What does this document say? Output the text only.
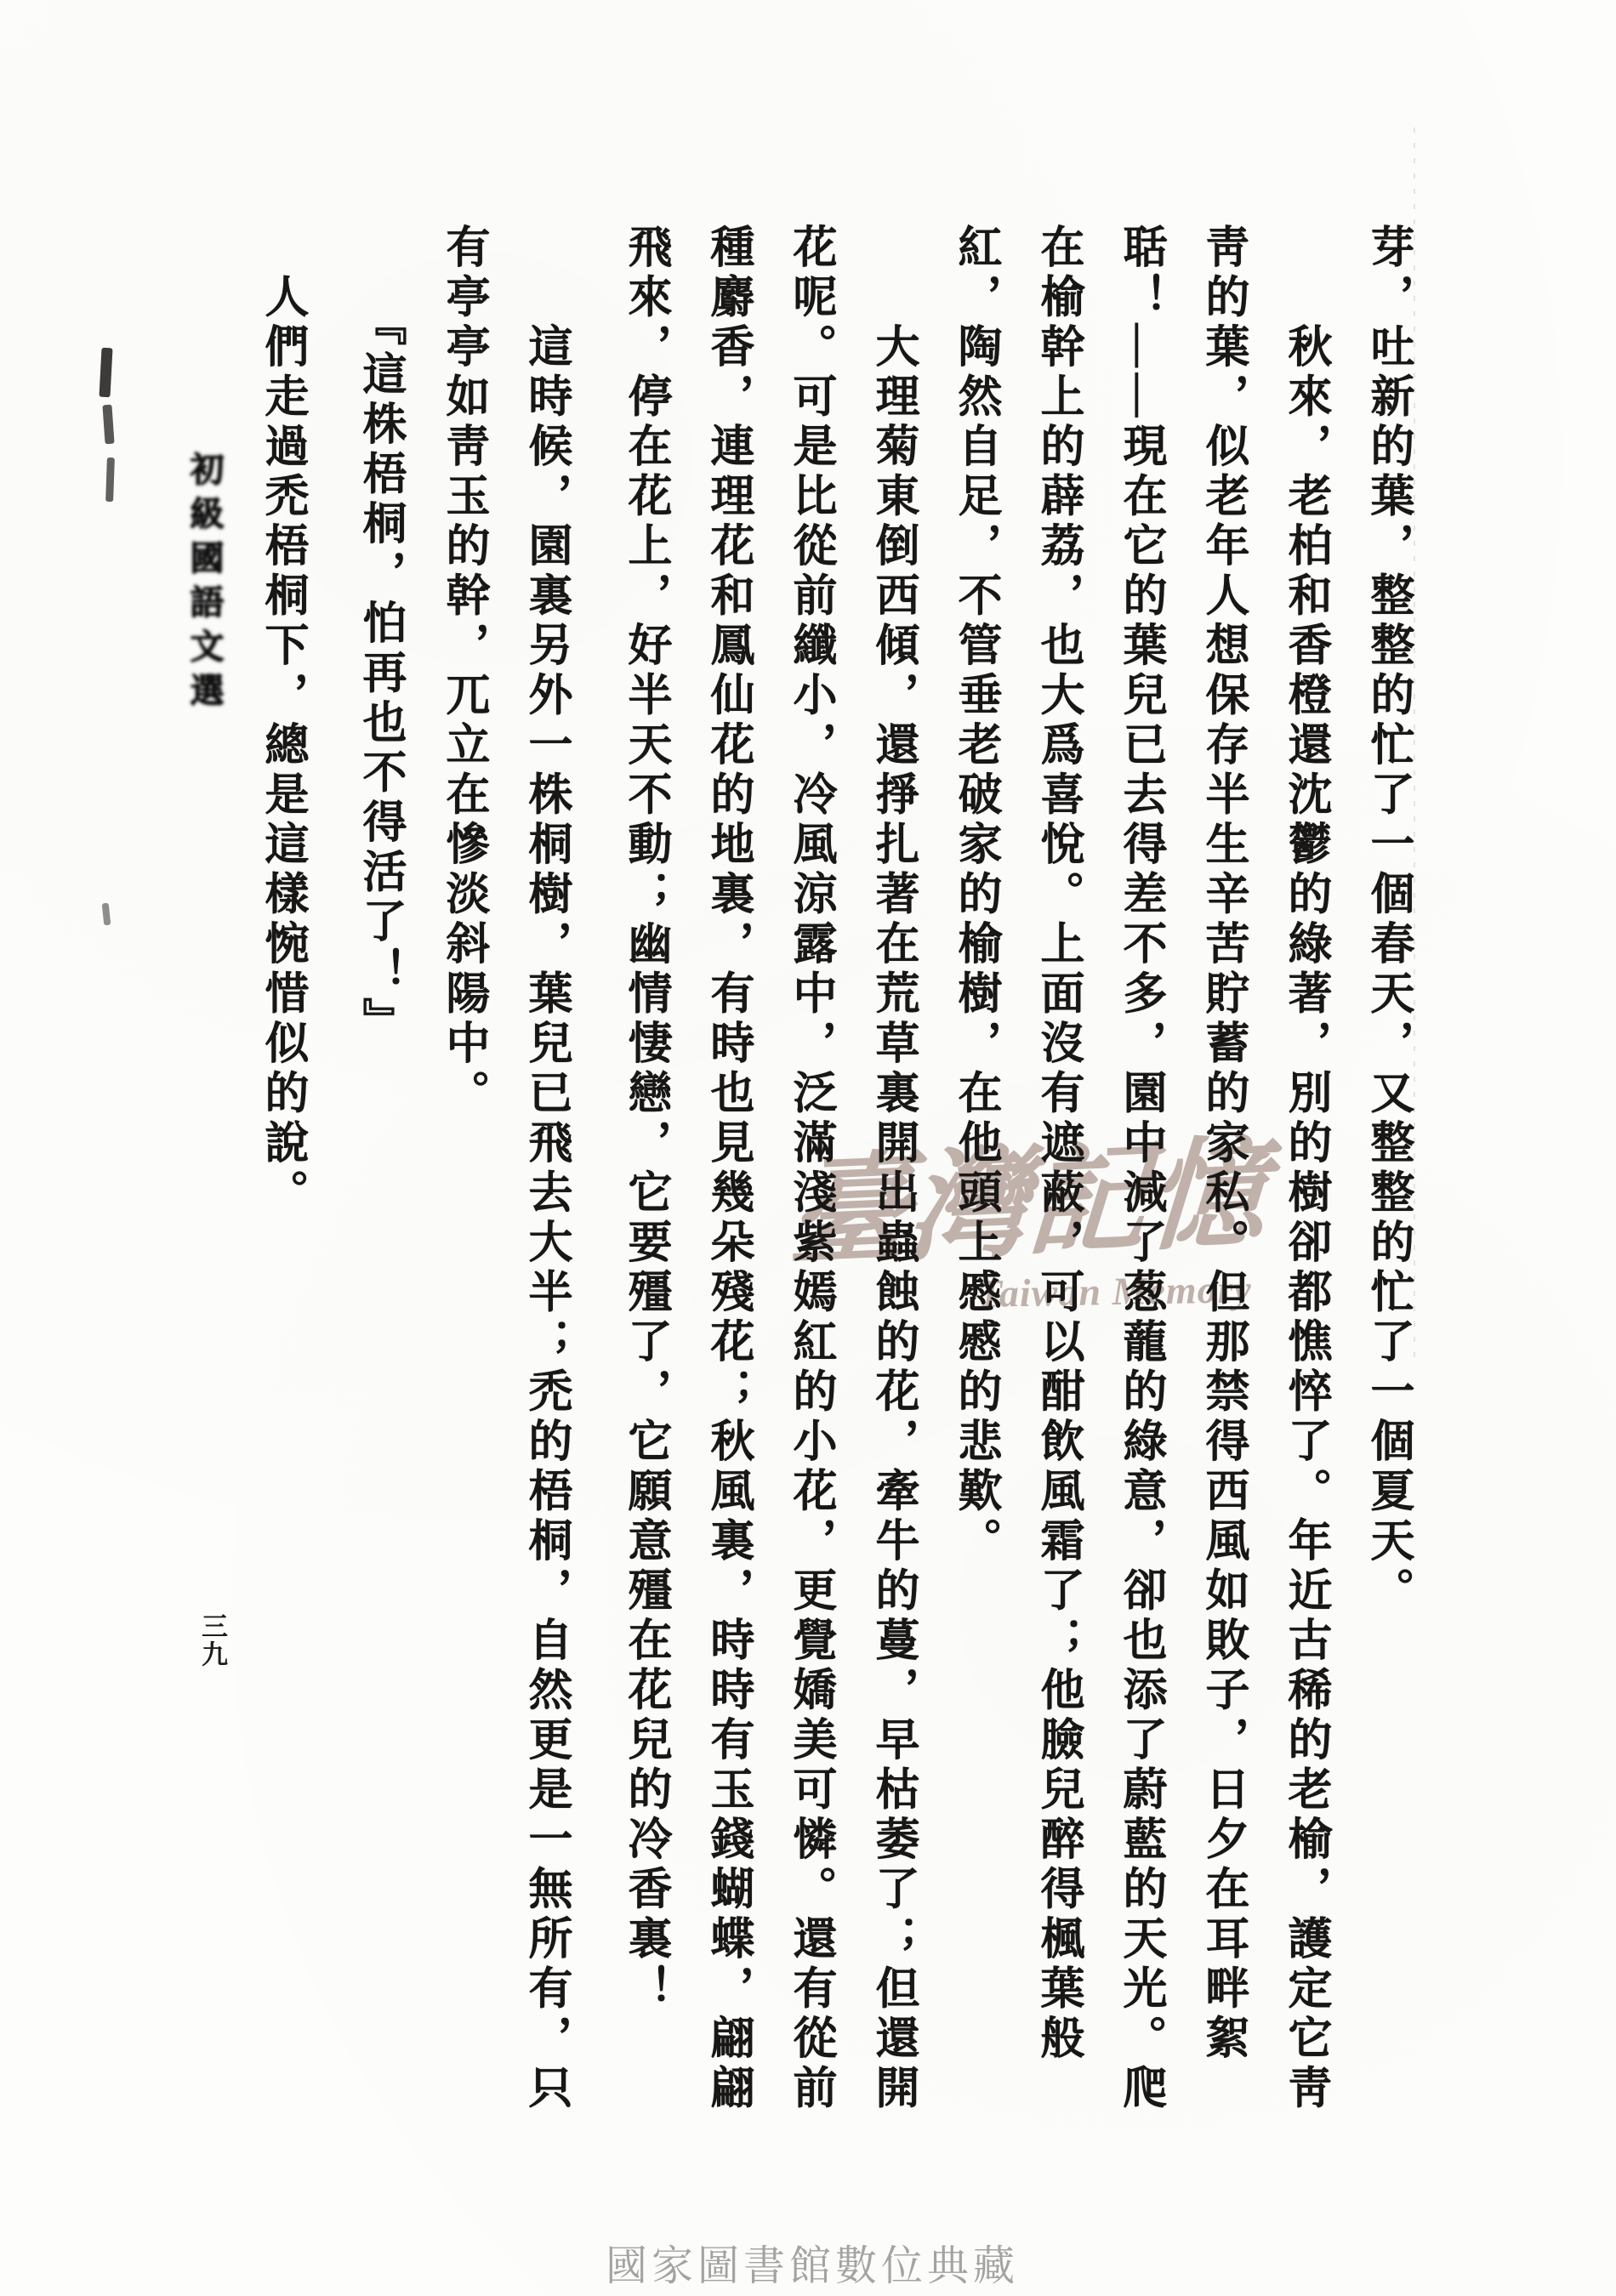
臺灣記憶
Taiwan Memory	芽，吐新的葉，整整的忙了一個春天，又整整的忙了一個夏天。
　　秋來，老柏和香橙還沈鬱的綠著，別的樹卻都憔悴了。年近古稀的老榆，護定它靑
靑的葉，似老年人想保存半生辛苦貯蓄的家私。但那禁得西風如敗子，日夕在耳畔絮
聒！——現在它的葉兒已去得差不多，園中減了葱蘢的綠意，卻也添了蔚藍的天光。爬
在榆幹上的薜荔，也大爲喜悅。上面沒有遮蔽，可以酣飲風霜了；他臉兒醉得楓葉般
紅，陶然自足，不管垂老破家的榆樹，在他頭上慼慼的悲歎。
　　大理菊東倒西傾，還掙扎著在荒草裏開出蟲蝕的花，牽牛的蔓，早枯萎了；但還開
花呢。可是比從前纖小，冷風涼露中，泛滿淺紫嫣紅的小花，更覺嬌美可憐。還有從前
種麝香，連理花和鳳仙花的地裏，有時也見幾朵殘花；秋風裏，時時有玉錢蝴蝶，翩翩
飛來，停在花上，好半天不動；幽情悽戀，它要殭了，它願意殭在花兒的冷香裏！
　　這時候，園裏另外一株桐樹，葉兒已飛去大半；禿的梧桐，自然更是一無所有，只
有亭亭如靑玉的幹，兀立在慘淡斜陽中。
　　『這株梧桐，怕再也不得活了！』
　人們走過禿梧桐下，總是這樣惋惜似的說。
初級國語文選
三九
國家圖書館數位典藏
